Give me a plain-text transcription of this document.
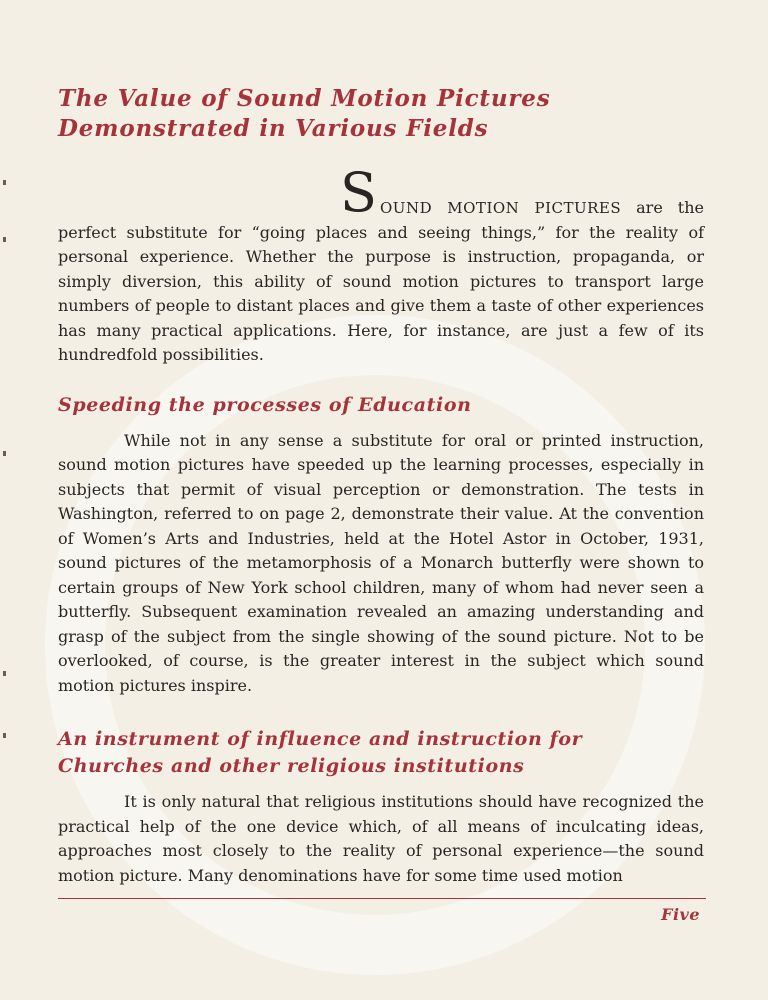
The Value of Sound Motion Pictures
Demonstrated in Various Fields

SOUND MOTION PICTURES are the perfect substitute for “going places and seeing things,” for the reality of personal experience. Whether the purpose is instruction, propaganda, or simply diversion, this ability of sound motion pictures to transport large numbers of people to distant places and give them a taste of other experiences has many practical applications. Here, for instance, are just a few of its hundredfold possibilities.

Speeding the processes of Education

While not in any sense a substitute for oral or printed instruction, sound motion pictures have speeded up the learning processes, especially in subjects that permit of visual perception or demonstration. The tests in Washington, referred to on page 2, demonstrate their value. At the convention of Women’s Arts and Industries, held at the Hotel Astor in October, 1931, sound pictures of the metamorphosis of a Monarch butterfly were shown to certain groups of New York school children, many of whom had never seen a butterfly. Subsequent examination revealed an amazing understanding and grasp of the subject from the single showing of the sound picture. Not to be overlooked, of course, is the greater interest in the subject which sound motion pictures inspire.

An instrument of influence and instruction for
Churches and other religious institutions

It is only natural that religious institutions should have recognized the practical help of the one device which, of all means of inculcating ideas, approaches most closely to the reality of personal experience—the sound motion picture. Many denominations have for some time used motion

Five
